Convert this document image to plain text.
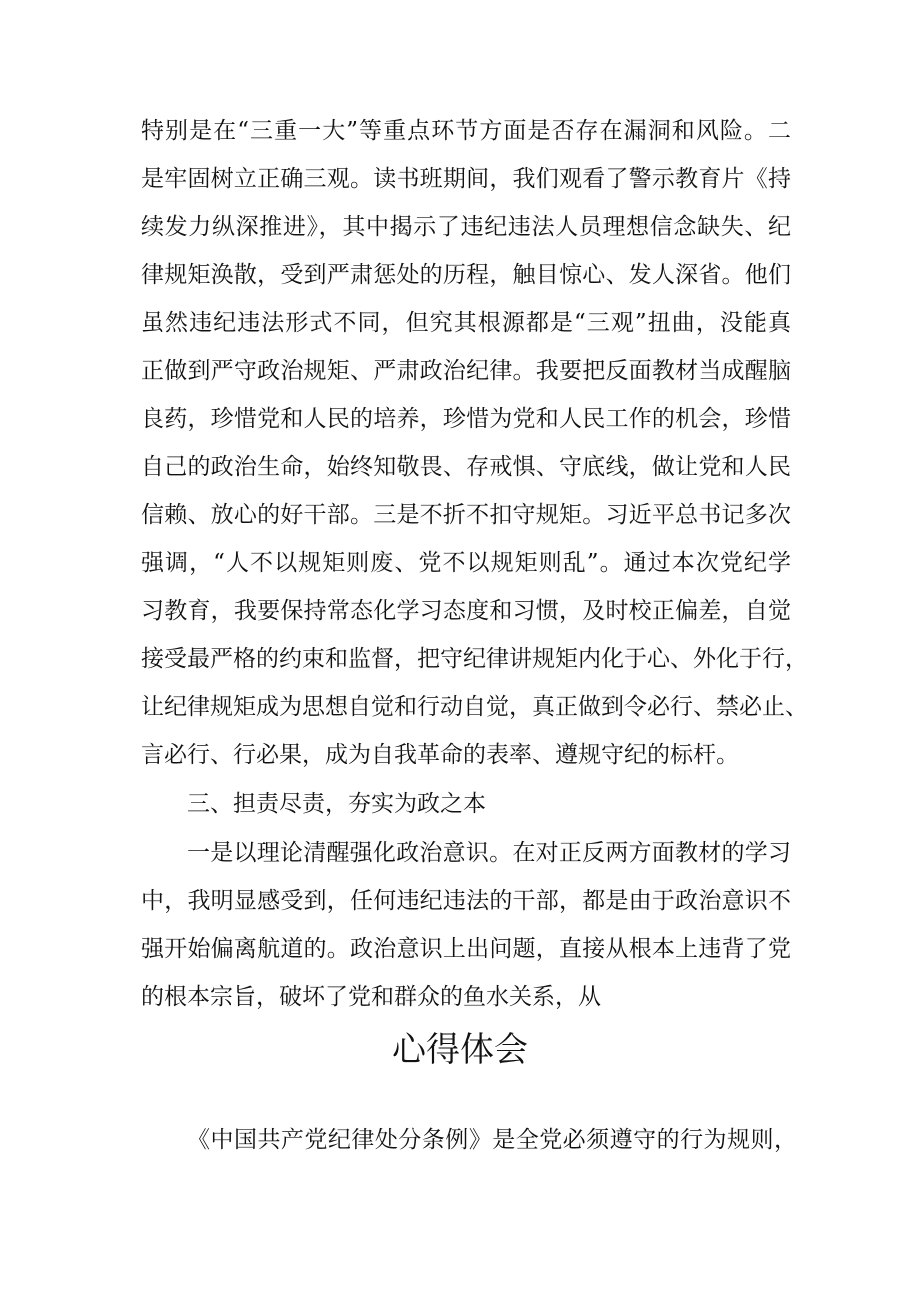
特别是在“三重一大”等重点环节方面是否存在漏洞和风险。二
是牢固树立正确三观。读书班期间，我们观看了警示教育片《持
续发力纵深推进》，其中揭示了违纪违法人员理想信念缺失、纪
律规矩涣散，受到严肃惩处的历程，触目惊心、发人深省。他们
虽然违纪违法形式不同，但究其根源都是“三观”扭曲，没能真
正做到严守政治规矩、严肃政治纪律。我要把反面教材当成醒脑
良药，珍惜党和人民的培养，珍惜为党和人民工作的机会，珍惜
自己的政治生命，始终知敬畏、存戒惧、守底线，做让党和人民
信赖、放心的好干部。三是不折不扣守规矩。习近平总书记多次
强调，“人不以规矩则废、党不以规矩则乱”。通过本次党纪学
习教育，我要保持常态化学习态度和习惯，及时校正偏差，自觉
接受最严格的约束和监督，把守纪律讲规矩内化于心、外化于行，
让纪律规矩成为思想自觉和行动自觉，真正做到令必行、禁必止、
言必行、行必果，成为自我革命的表率、遵规守纪的标杆。
三、担责尽责，夯实为政之本
一是以理论清醒强化政治意识。在对正反两方面教材的学习
中，我明显感受到，任何违纪违法的干部，都是由于政治意识不
强开始偏离航道的。政治意识上出问题，直接从根本上违背了党
的根本宗旨，破坏了党和群众的鱼水关系，从
心得体会
《中国共产党纪律处分条例》是全党必须遵守的行为规则，
